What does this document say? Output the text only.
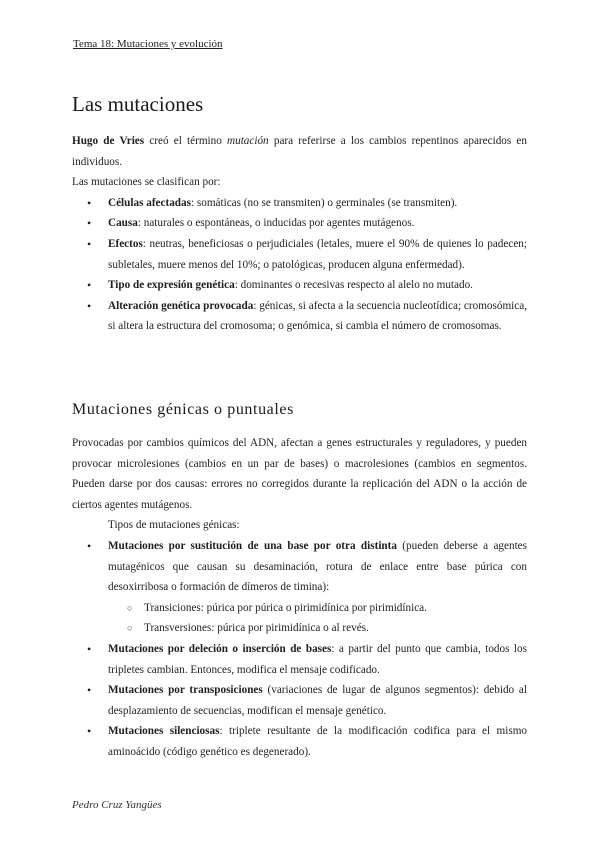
Tema 18: Mutaciones y evolución
Las mutaciones
Hugo de Vries creó el término mutación para referirse a los cambios repentinos aparecidos en individuos.
Las mutaciones se clasifican por:
• Células afectadas: somáticas (no se transmiten) o germinales (se transmiten).
• Causa: naturales o espontáneas, o inducidas por agentes mutágenos.
• Efectos: neutras, beneficiosas o perjudiciales (letales, muere el 90% de quienes lo padecen; subletales, muere menos del 10%; o patológicas, producen alguna enfermedad).
• Tipo de expresión genética: dominantes o recesivas respecto al alelo no mutado.
• Alteración genética provocada: génicas, si afecta a la secuencia nucleotídica; cromosómica, si altera la estructura del cromosoma; o genómica, si cambia el número de cromosomas.
Mutaciones génicas o puntuales
Provocadas por cambios químicos del ADN, afectan a genes estructurales y reguladores, y pueden provocar microlesiones (cambios en un par de bases) o macrolesiones (cambios en segmentos. Pueden darse por dos causas: errores no corregidos durante la replicación del ADN o la acción de ciertos agentes mutágenos.
Tipos de mutaciones génicas:
• Mutaciones por sustitución de una base por otra distinta (pueden deberse a agentes mutagénicos que causan su desaminación, rotura de enlace entre base púrica con desoxirribosa o formación de dímeros de timina):
○ Transiciones: púrica por púrica o pirimidínica por pirimidínica.
○ Transversiones: púrica por pirimidínica o al revés.
• Mutaciones por deleción o inserción de bases: a partir del punto que cambia, todos los tripletes cambian. Entonces, modifica el mensaje codificado.
• Mutaciones por transposiciones (variaciones de lugar de algunos segmentos): debido al desplazamiento de secuencias, modifican el mensaje genético.
• Mutaciones silenciosas: triplete resultante de la modificación codifica para el mismo aminoácido (código genético es degenerado).
Pedro Cruz Yangües
